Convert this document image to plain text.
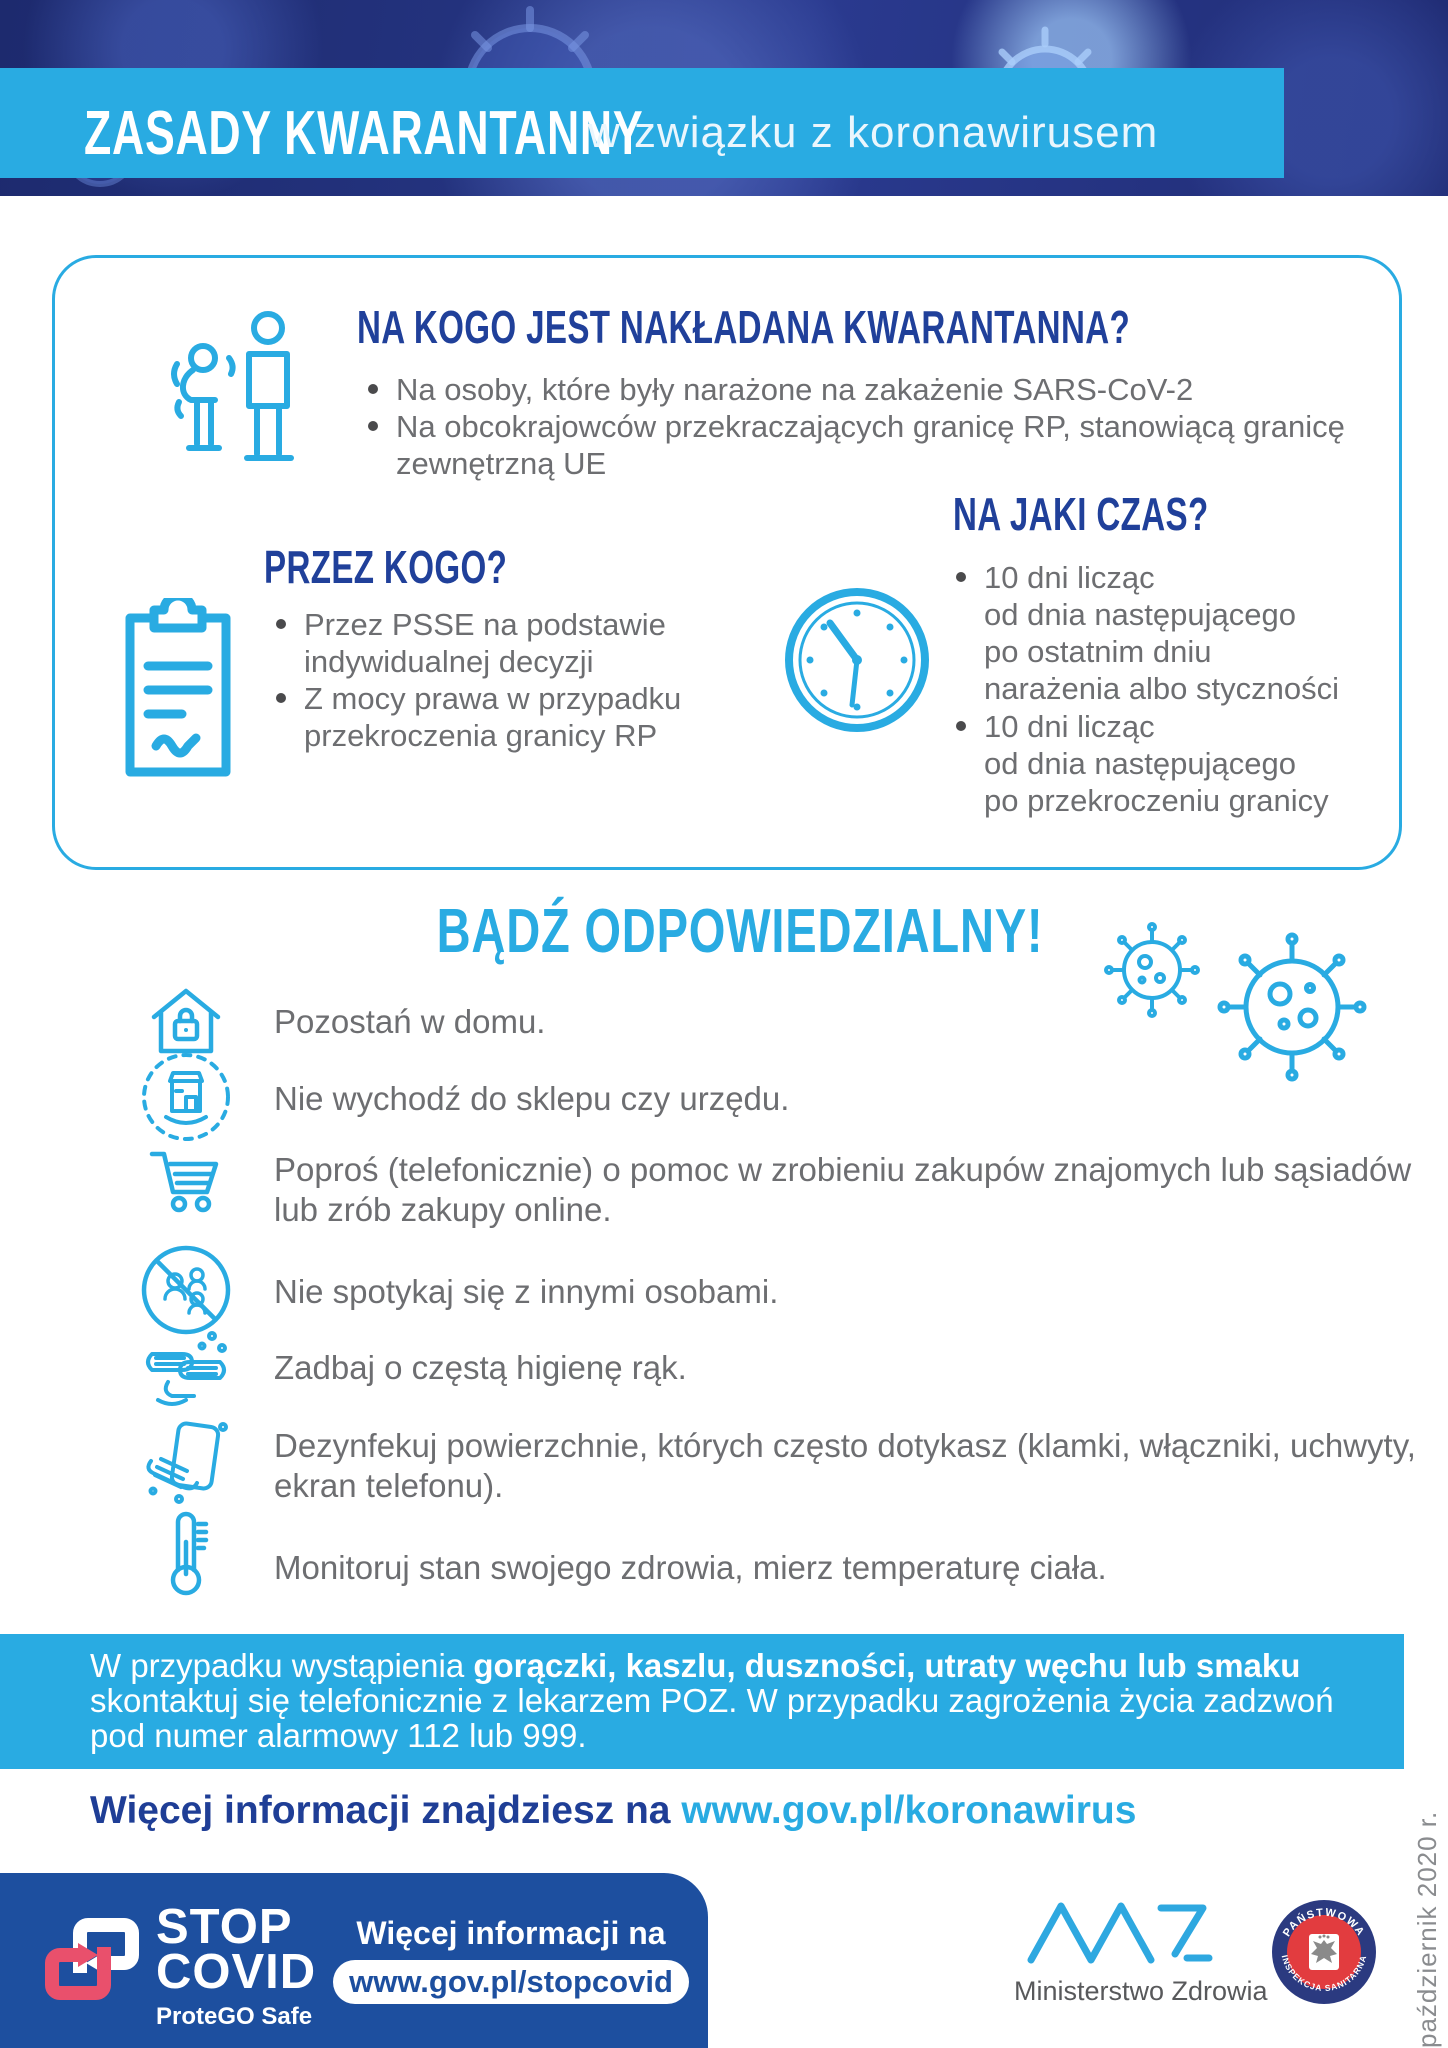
ZASADY KWARANTANNY
w związku z koronawirusem
NA KOGO JEST NAKŁADANA KWARANTANNA?
Na osoby, które były narażone na zakażenie SARS-CoV-2
Na obcokrajowców przekraczających granicę RP, stanowiącą granicę
zewnętrzną UE
PRZEZ KOGO?
Przez PSSE na podstawie
indywidualnej decyzji
Z mocy prawa w przypadku
przekroczenia granicy RP
NA JAKI CZAS?
10 dni licząc
od dnia następującego
po ostatnim dniu
narażenia albo styczności
10 dni licząc
od dnia następującego
po przekroczeniu granicy
BĄDŹ ODPOWIEDZIALNY!
Pozostań w domu.
Nie wychodź do sklepu czy urzędu.
Poproś (telefonicznie) o pomoc w zrobieniu zakupów znajomych lub sąsiadów
lub zrób zakupy online.
Nie spotykaj się z innymi osobami.
Zadbaj o częstą higienę rąk.
Dezynfekuj powierzchnie, których często dotykasz (klamki, włączniki, uchwyty,
ekran telefonu).
Monitoruj stan swojego zdrowia, mierz temperaturę ciała.
W przypadku wystąpienia gorączki, kaszlu, duszności, utraty węchu lub smaku skontaktuj się telefonicznie z lekarzem POZ. W przypadku zagrożenia życia zadzwoń pod numer alarmowy 112 lub 999.
Więcej informacji znajdziesz na www.gov.pl/koronawirus
STOP
COVID
ProteGO Safe
Więcej informacji na
www.gov.pl/stopcovid	Ministerstwo Zdrowia
PAŃSTWOWA
INSPEKCJA SANITARNA październik 2020 r.
